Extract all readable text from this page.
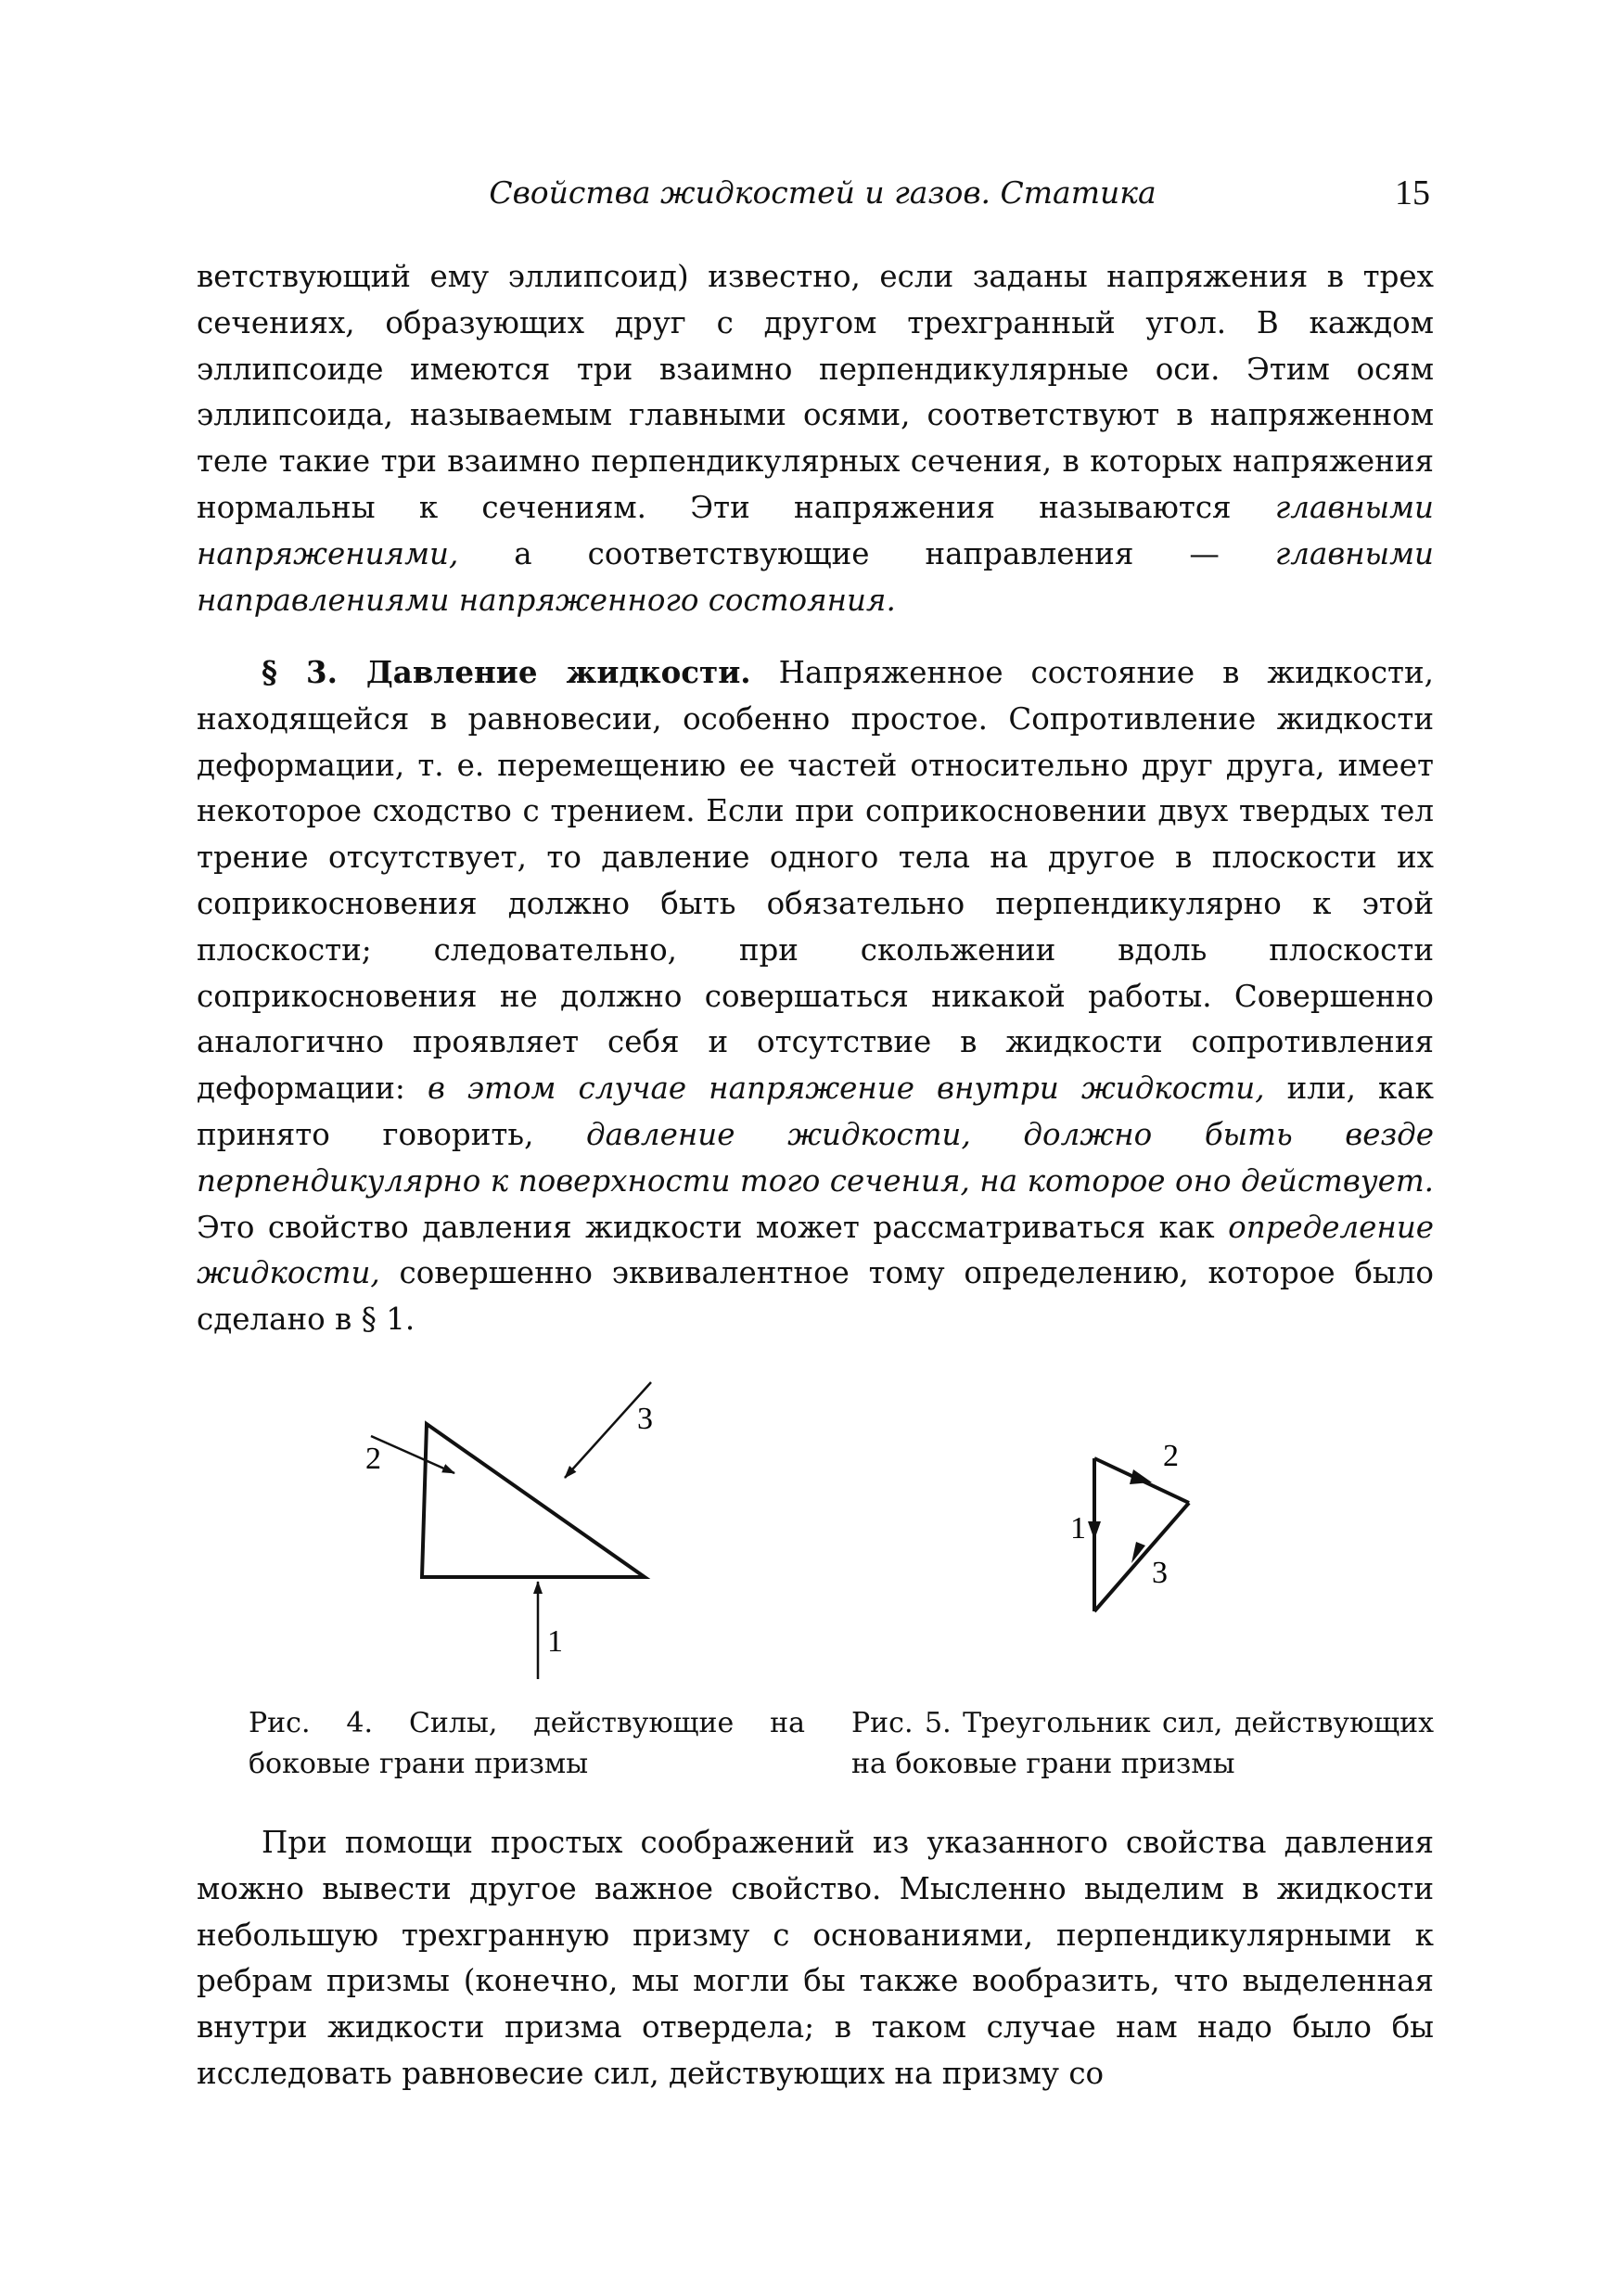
Свойства жидкостей и газов. Статика	15

ветствующий ему эллипсоид) известно, если заданы напряжения в трех сечениях, образующих друг с другом трехгранный угол. В каждом эллипсоиде имеются три взаимно перпендикулярные оси. Этим осям эллипсоида, называемым главными осями, соответствуют в напряженном теле такие три взаимно перпендикулярных сечения, в которых напряжения нормальны к сечениям. Эти напряжения называются главными напряжениями, а соответствующие направления — главными направлениями напряженного состояния.

§ 3. Давление жидкости. Напряженное состояние в жидкости, находящейся в равновесии, особенно простое. Сопротивление жидкости деформации, т. е. перемещению ее частей относительно друг друга, имеет некоторое сходство с трением. Если при соприкосновении двух твердых тел трение отсутствует, то давление одного тела на другое в плоскости их соприкосновения должно быть обязательно перпендикулярно к этой плоскости; следовательно, при скольжении вдоль плоскости соприкосновения не должно совершаться никакой работы. Совершенно аналогично проявляет себя и отсутствие в жидкости сопротивления деформации: в этом случае напряжение внутри жидкости, или, как принято говорить, давление жидкости, должно быть везде перпендикулярно к поверхности того сечения, на которое оно действует. Это свойство давления жидкости может рассматриваться как определение жидкости, совершенно эквивалентное тому определению, которое было сделано в § 1.

2
3
1
1
2
3
Рис. 4. Силы, действующие на боковые грани призмы
Рис. 5. Треугольник сил, действующих на боковые грани призмы

При помощи простых соображений из указанного свойства давления можно вывести другое важное свойство. Мысленно выделим в жидкости небольшую трехгранную призму с основаниями, перпендикулярными к ребрам призмы (конечно, мы могли бы также вообразить, что выделенная внутри жидкости призма отвердела; в таком случае нам надо было бы исследовать равновесие сил, действующих на призму со
